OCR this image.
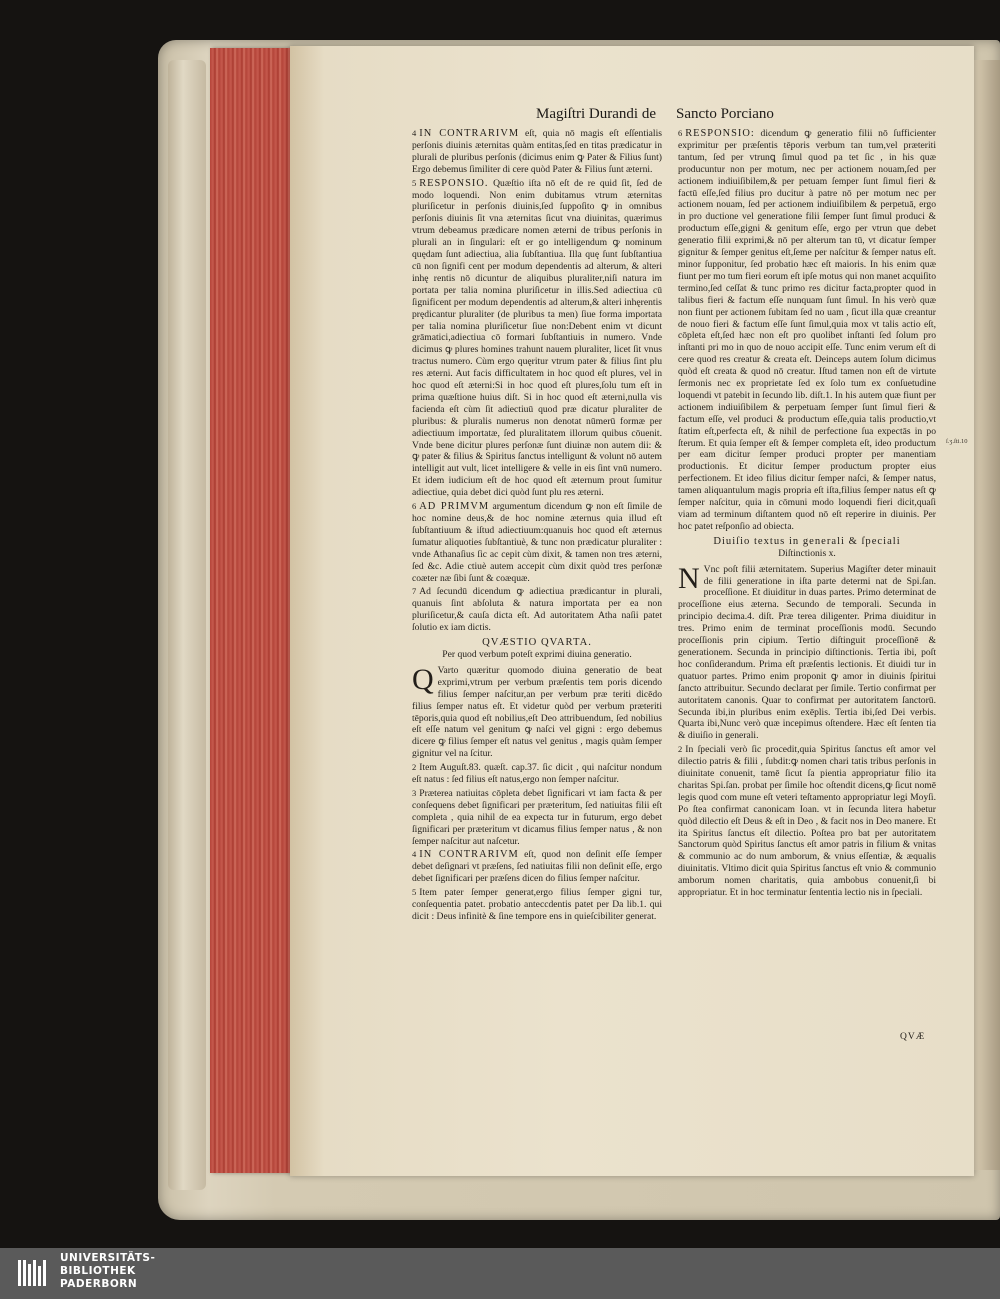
Magiſtri Durandi de Sancto Porciano

4 IN CONTRARIVM eſt, quia nō magis eſt eſſentialis perſonis diuinis æternitas quàm entitas,ſed en titas prædicatur in plurali de pluribus perſonis (dicimus enim ꝙ Pater & Filius ſunt) Ergo debemus ſimiliter di cere quòd Pater & Filius ſunt æterni.

5 RESPONSIO. Quæſtio iſta nō eſt de re quid ſit, ſed de modo loquendi. Non enim dubitamus vtrum æternitas pluriſicetur in perſonis diuinis,ſed ſuppoſito ꝙ in omnibus perſonis diuinis ſit vna æternitas ſicut vna diuinitas, quærimus vtrum debeamus prædicare nomen æterni de tribus perſonis in plurali an in ſingulari: eſt er go intelligendum ꝙ nominum quędam ſunt adiectiua, alia ſubſtantiua. Illa quę ſunt ſubſtantiua cū non ſignifi cent per modum dependentis ad alterum, & alteri inhę rentis nō dicuntur de aliquibus pluraliter,niſi natura im portata per talia nomina pluriſicetur in illis.Sed adiectiua cū ſignificent per modum dependentis ad alterum,& alteri inhęrentis prędicantur pluraliter (de pluribus ta men) ſiue forma importata per talia nomina pluriſicetur ſiue non:Debent enim vt dicunt grāmatici,adiectiua cō formari ſubſtantiuis in numero. Vnde dicimus ꝙ plures homines trahunt nauem pluraliter, licet ſit vnus tractus numero. Cùm ergo quęritur vtrum pater & filius ſint plu res æterni. Aut facis difficultatem in hoc quod eſt plures, vel in hoc quod eſt æterni:Si in hoc quod eſt plures,ſolu tum eſt in prima quæſtione huius diſt. Si in hoc quod eſt æterni,nulla vis facienda eſt cùm ſit adiectiuū quod præ dicatur pluraliter de pluribus: & pluralis numerus non denotat nūmerū formæ per adiectiuum importatæ, ſed pluralitatem illorum quibus cōuenit. Vnde bene dicitur plures perſonæ ſunt diuinæ non autem dii: & ꝙ pater & filius & Spiritus ſanctus intelligunt & volunt nō autem intelligit aut vult, licet intelligere & velle in eis ſint vnū numero. Et idem iudicium eſt de hoc quod eſt æternum prout ſumitur adiectiue, quia debet dici quòd ſunt plu res æterni.

6 AD PRIMVM argumentum dicendum ꝙ non eſt ſimile de hoc nomine deus,& de hoc nomine æternus quia illud eſt ſubſtantiuum & iſtud adiectiuum:quanuis hoc quod eſt æternus ſumatur aliquoties ſubſtantiuè, & tunc non prædicatur pluraliter : vnde Athanaſius ſic ac cepit cùm dixit, & tamen non tres æterni, ſed &c. Adie ctiuè autem accepit cùm dixit quòd tres perſonæ coæter næ ſibi ſunt & coæquæ.

7 Ad ſecundū dicendum ꝙ adiectiua prædicantur in plurali, quanuis ſint abſoluta & natura importata per ea non pluriſicetur,& cauſa dicta eſt. Ad autoritatem Atha naſii patet ſolutio ex iam dictis.

QVÆSTIO QVARTA.
Per quod verbum poteſt exprimi diuina generatio.

Q Varto quæritur quomodo diuina generatio de beat exprimi,vtrum per verbum præſentis tem poris dicendo filius ſemper naſcitur,an per verbum præ teriti dicēdo filius ſemper natus eſt. Et videtur quòd per verbum præteriti tēporis,quia quod eſt nobilius,eſt Deo attribuendum, ſed nobilius eſt eſſe natum vel genitum ꝙ naſci vel gigni : ergo debemus dicere ꝙ filius ſemper eſt natus vel genitus , magis quàm ſemper gignitur vel na ſcitur.

2 Item Auguſt.83. quæſt. cap.37. ſic dicit , qui naſcitur nondum eſt natus : ſed filius eſt natus,ergo non ſemper naſcitur.

3 Præterea natiuitas cōpleta debet ſignificari vt iam facta & per conſequens debet ſignificari per præteritum, ſed natiuitas filii eſt completa , quia nihil de ea expecta tur in futurum, ergo debet ſignificari per præteritum vt dicamus filius ſemper natus , & non ſemper naſcitur aut naſcetur.

4 IN CONTRARIVM eſt, quod non deſinit eſſe ſemper debet deſignari vt præſens, ſed natiuitas filii non deſinit eſſe, ergo debet ſignificari per præſens dicen do filius ſemper naſcitur.

5 Item pater ſemper generat,ergo filius ſemper gigni tur, conſequentia patet. probatio anteccdentis patet per Da lib.1. qui dicit : Deus infinitè & ſine tempore ens in quieſcibiliter generat.

6 RESPONSIO: dicendum ꝙ generatio filii nō ſufficienter exprimitur per præſentis tēporis verbum tan tum,vel præteriti tantum, ſed per vtrunꝗ ſimul quod pa tet ſic , in his quæ producuntur non per motum, nec per actionem nouam,ſed per actionem indiuiſibilem,& per petuam ſemper ſunt ſimul fieri & factū eſſe,ſed filius pro ducitur à patre nō per motum nec per actionem nouam, ſed per actionem indiuiſibilem & perpetuā, ergo in pro ductione vel generatione filii ſemper ſunt ſimul produci & productum eſſe,gigni & genitum eſſe, ergo per vtrun que debet generatio filii exprimi,& nō per alterum tan tū, vt dicatur ſemper gignitur & ſemper genitus eſt,ſeme per naſcitur & ſemper natus eſt. minor ſupponitur, ſed probatio hæc eſt maioris. In his enim quæ fiunt per mo tum fieri eorum eſt ipſe motus qui non manet acquiſito termino,ſed ceſſat & tunc primo res dicitur facta,propter quod in talibus fieri & factum eſſe nunquam ſunt ſimul. In his verò quæ non fiunt per actionem ſubitam ſed no uam , ſicut illa quæ creantur de nouo fieri & factum eſſe ſunt ſimul,quia mox vt talis actio eſt, cōpleta eſt,ſed hæc non eſt pro quolibet inſtanti ſed ſolum pro inſtanti pri mo in quo de nouo accipit eſſe. Tunc enim verum eſt di cere quod res creatur & creata eſt. Deinceps autem ſolum dicimus quòd eſt creata & quod nō creatur. Iſtud tamen non eſt de virtute ſermonis nec ex proprietate ſed ex ſolo tum ex conſuetudine loquendi vt patebit in ſecundo lib. diſt.1. In his autem quæ fiunt per actionem indiuiſibilem & perpetuam ſemper ſunt ſimul fieri & factum eſſe, vel produci & productum eſſe,quia talis productio,vt ſtatim eſt,perfecta eſt, & nihil de perfectione ſua expectās in po ſterum. Et quia ſemper eſt & ſemper completa eſt, ideo productum per eam dicitur ſemper produci propter per manentiam productionis. Et dicitur ſemper productum propter eius perfectionem. Et ideo filius dicitur ſemper naſci, & ſemper natus, tamen aliquantulum magis propria eſt iſta,filius ſemper natus eſt ꝙ ſemper naſcitur, quia in cōmuni modo loquendi fieri dicit,quaſi viam ad terminum diſtantem quod nō eſt reperire in diuinis. Per hoc patet reſponſio ad obiecta.

Diuiſio textus in generali & ſpeciali
Diſtinctionis x.

N Vnc poſt filii æternitatem. Superius Magiſter deter minauit de filii generatione in iſta parte determi nat de Spi.ſan. proceſſione. Et diuiditur in duas partes. Primo determinat de proceſſione eius æterna. Secundo de temporali. Secunda in principio decima.4. diſt. Præ terea diligenter. Prima diuiditur in tres. Primo enim de terminat proceſſionis modū. Secundo proceſſionis prin cipium. Tertio diſtinguit proceſſionē & generationem. Secunda in principio diſtinctionis. Tertia ibi, poſt hoc conſiderandum. Prima eſt præſentis lectionis. Et diuidi tur in quatuor partes. Primo enim proponit ꝙ amor in diuinis ſpiritui ſancto attribuitur. Secundo declarat per ſimile. Tertio confirmat per autoritatem canonis. Quar to confirmat per autoritatem ſanctorū. Secunda ibi,in pluribus enim exēplis. Tertia ibi,ſed Dei verbis. Quarta ibi,Nunc verò quæ incepimus oſtendere. Hæc eſt ſenten tia & diuiſio in generali.

2 In ſpeciali verò ſic procedit,quia Spiritus ſanctus eſt amor vel dilectio patris & filii , ſubdit:ꝙ nomen chari tatis tribus perſonis in diuinitate conuenit, tamē ſicut ſa pientia appropriatur filio ita charitas Spi.ſan. probat per ſimile hoc oſtendit dicens,ꝙ ſicut nomē legis quod com mune eſt veteri teſtamento appropriatur legi Moyſi. Po ſtea confirmat canonicam Ioan. vt in ſecunda litera habetur quòd dilectio eſt Deus & eſt in Deo , & facit nos in Deo manere. Et ita Spiritus ſanctus eſt dilectio. Poſtea pro bat per autoritatem Sanctorum quòd Spiritus ſanctus eſt amor patris in filium & vnitas & communio ac do num amborum, & vnius eſſentiæ, & æqualis diuinitatis. Vltimo dicit quia Spiritus ſanctus eſt vnio & communio amborum nomen charitatis, quia ambobus conuenit,ſi bi appropriatur. Et in hoc terminatur ſententia lectio nis in ſpeciali.

ſ.ʒ.ſti.10
QVÆ
UNIVERSITÄTS-
BIBLIOTHEK
PADERBORN
